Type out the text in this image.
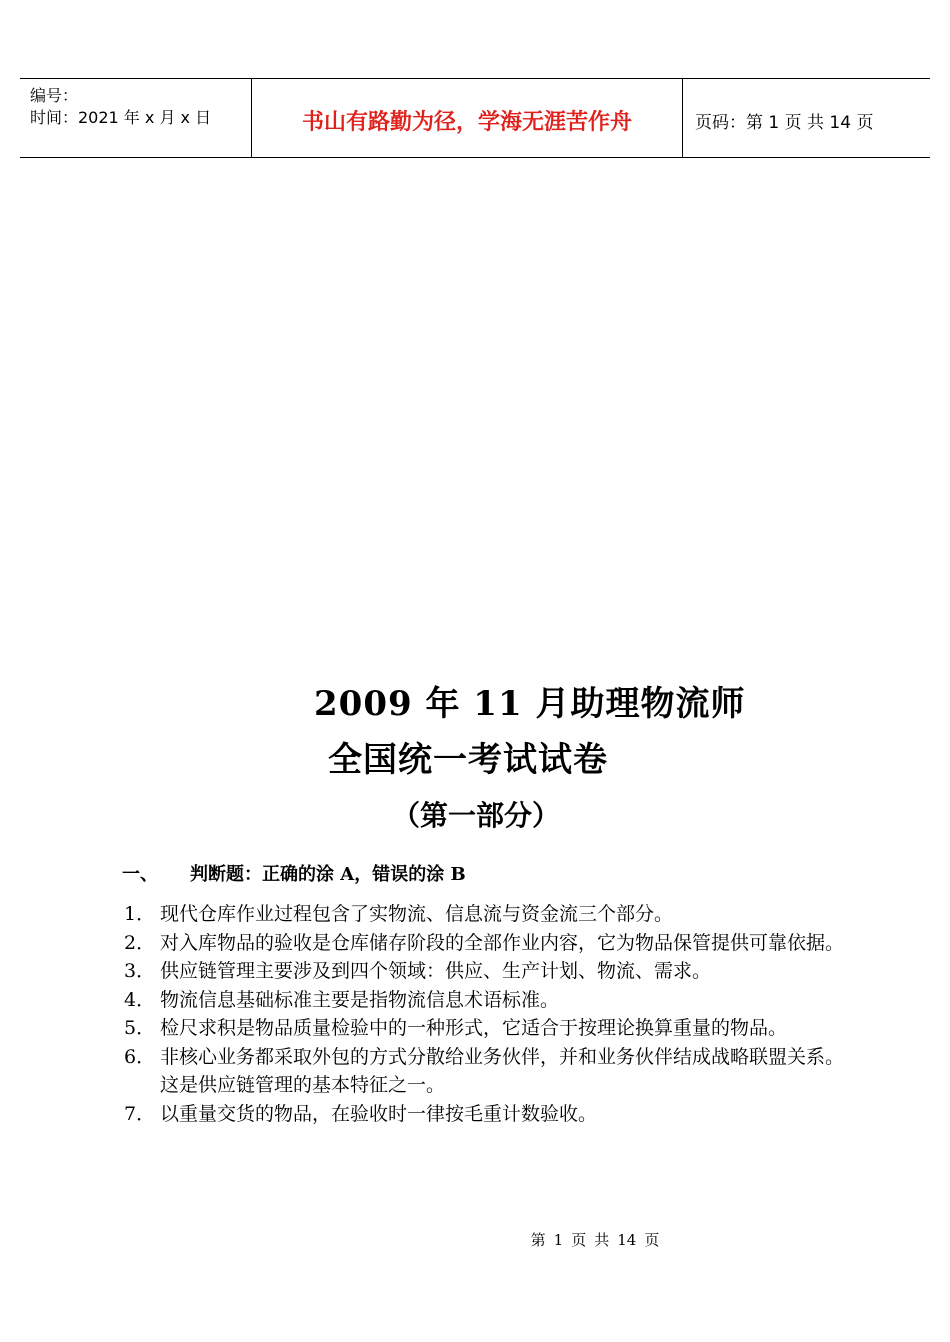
编号：
时间：2021 年 x 月 x 日	书山有路勤为径，学海无涯苦作舟	页码：第 1 页 共 14 页
2009 年 11 月助理物流师
全国统一考试试卷
（第一部分）
一、 判断题：正确的涂 A，错误的涂 B
1． 现代仓库作业过程包含了实物流、信息流与资金流三个部分。
2． 对入库物品的验收是仓库储存阶段的全部作业内容，它为物品保管提供可靠依据。
3． 供应链管理主要涉及到四个领域：供应、生产计划、物流、需求。
4． 物流信息基础标准主要是指物流信息术语标准。
5． 检尺求积是物品质量检验中的一种形式，它适合于按理论换算重量的物品。
6． 非核心业务都采取外包的方式分散给业务伙伴，并和业务伙伴结成战略联盟关系。这是供应链管理的基本特征之一。
7． 以重量交货的物品，在验收时一律按毛重计数验收。
第 1 页 共 14 页
